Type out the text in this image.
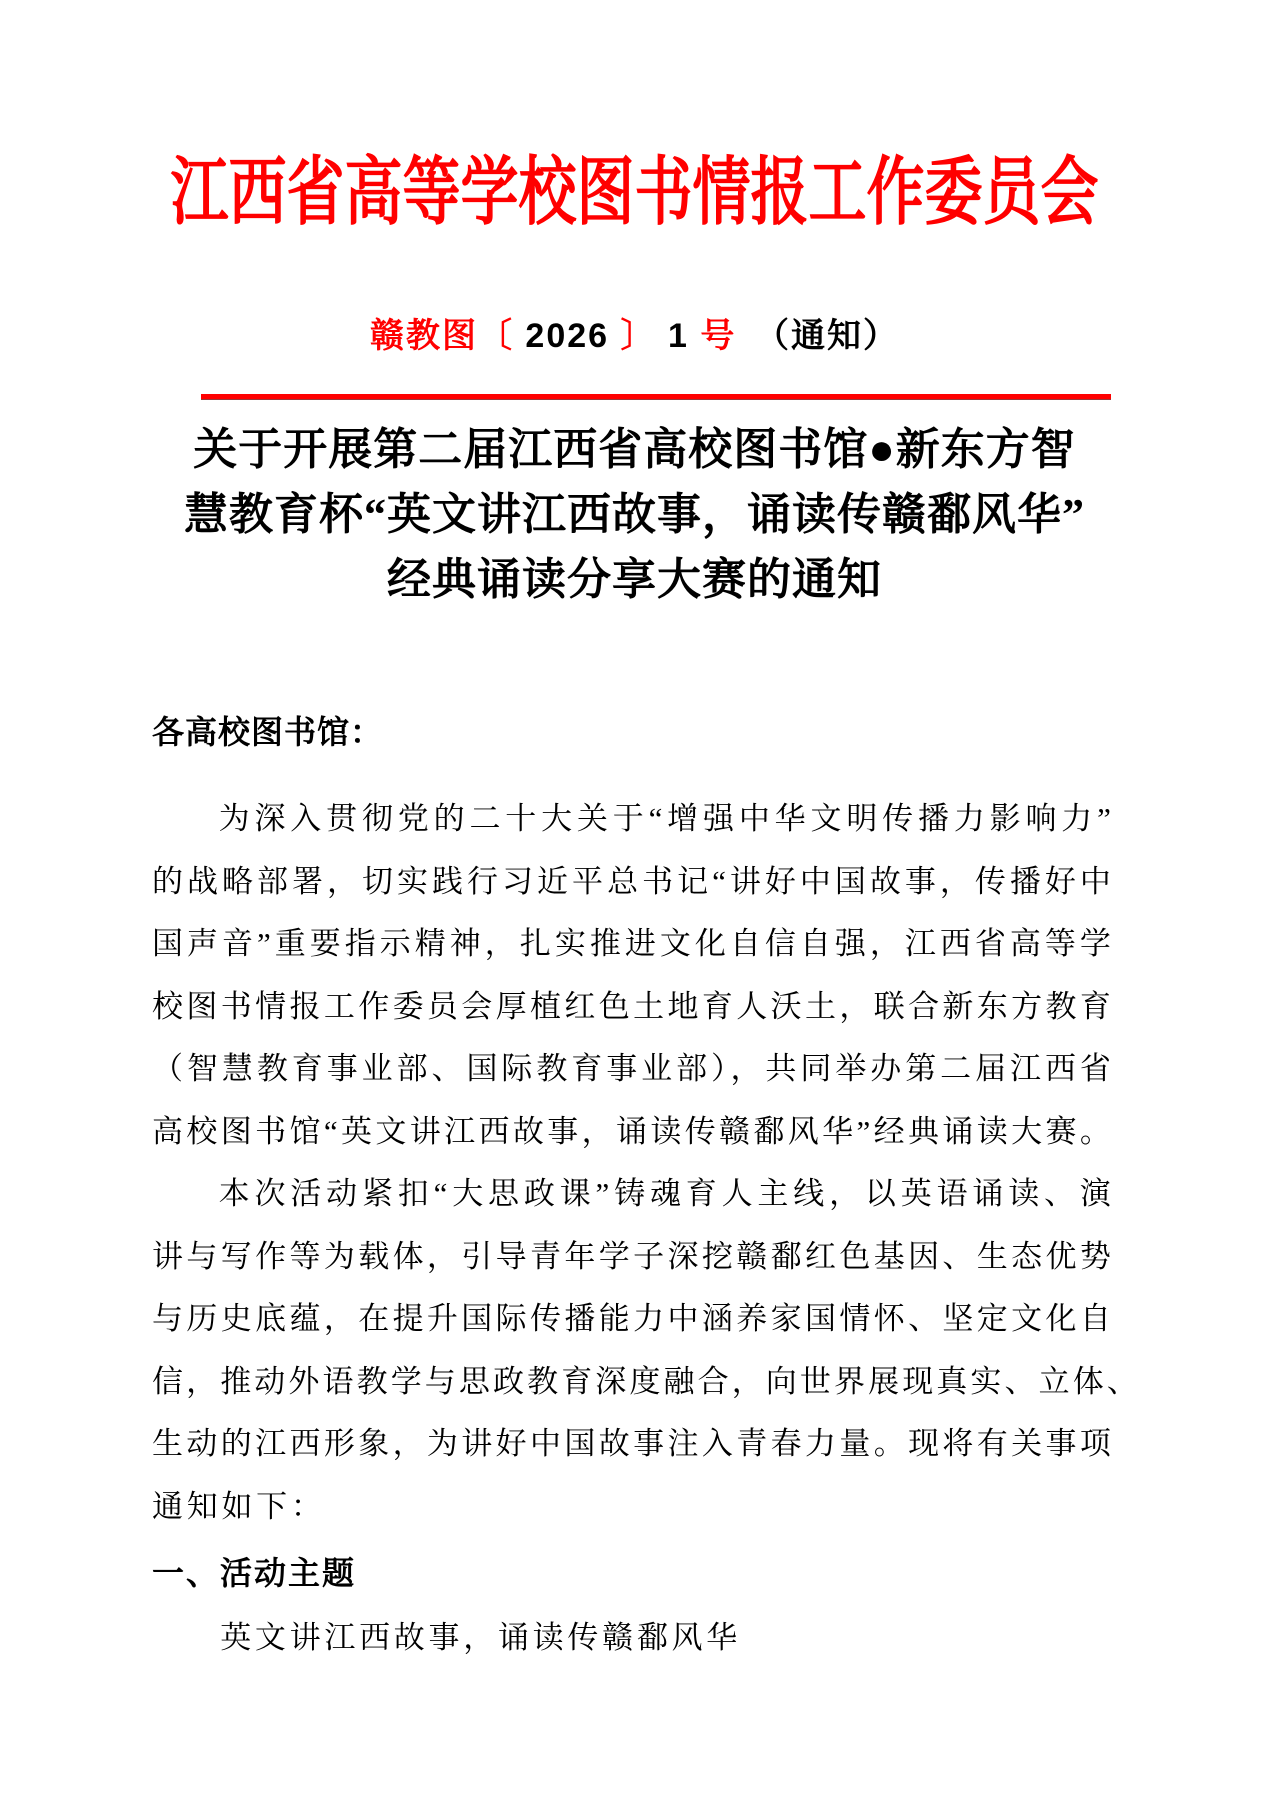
江西省高等学校图书情报工作委员会
赣教图〔 2026 〕 1 号 （通知）
关于开展第二届江西省高校图书馆●新东方智
慧教育杯“英文讲江西故事，诵读传赣鄱风华”
经典诵读分享大赛的通知
各高校图书馆：
为深入贯彻党的二十大关于“增强中华文明传播力影响力”
的战略部署，切实践行习近平总书记“讲好中国故事，传播好中
国声音”重要指示精神，扎实推进文化自信自强，江西省高等学
校图书情报工作委员会厚植红色土地育人沃土，联合新东方教育
（智慧教育事业部、国际教育事业部），共同举办第二届江西省
高校图书馆“英文讲江西故事，诵读传赣鄱风华”经典诵读大赛。
本次活动紧扣“大思政课”铸魂育人主线，以英语诵读、演
讲与写作等为载体，引导青年学子深挖赣鄱红色基因、生态优势
与历史底蕴，在提升国际传播能力中涵养家国情怀、坚定文化自
信，推动外语教学与思政教育深度融合，向世界展现真实、立体、
生动的江西形象，为讲好中国故事注入青春力量。现将有关事项
通知如下：
一、活动主题
英文讲江西故事，诵读传赣鄱风华
